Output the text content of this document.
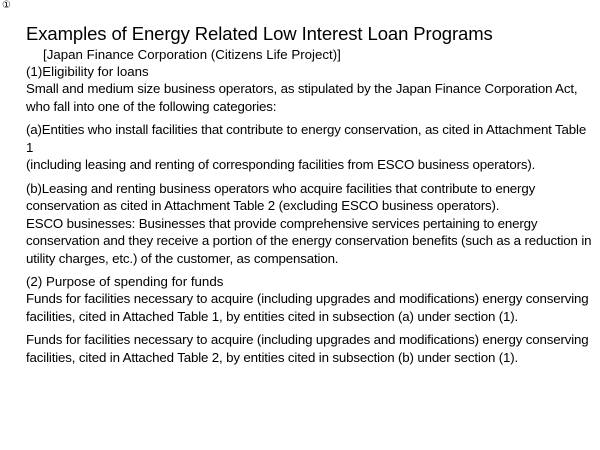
①
Examples of Energy Related Low Interest Loan Programs
[Japan Finance Corporation (Citizens Life Project)]
(1)Eligibility for loans
Small and medium size business operators, as stipulated by the Japan Finance Corporation Act,
who fall into one of the following categories:
(a)Entities who install facilities that contribute to energy conservation, as cited in Attachment Table 1
(including leasing and renting of corresponding facilities from ESCO business operators).
(b)Leasing and renting business operators who acquire facilities that contribute to energy
conservation as cited in Attachment Table 2 (excluding ESCO business operators).
ESCO businesses: Businesses that provide comprehensive services pertaining to energy
conservation and they receive a portion of the energy conservation benefits (such as a reduction in
utility charges, etc.) of the customer, as compensation.
(2) Purpose of spending for funds
Funds for facilities necessary to acquire (including upgrades and modifications) energy conserving
facilities, cited in Attached Table 1, by entities cited in subsection (a) under section (1).
Funds for facilities necessary to acquire (including upgrades and modifications) energy conserving
facilities, cited in Attached Table 2, by entities cited in subsection (b) under section (1).
